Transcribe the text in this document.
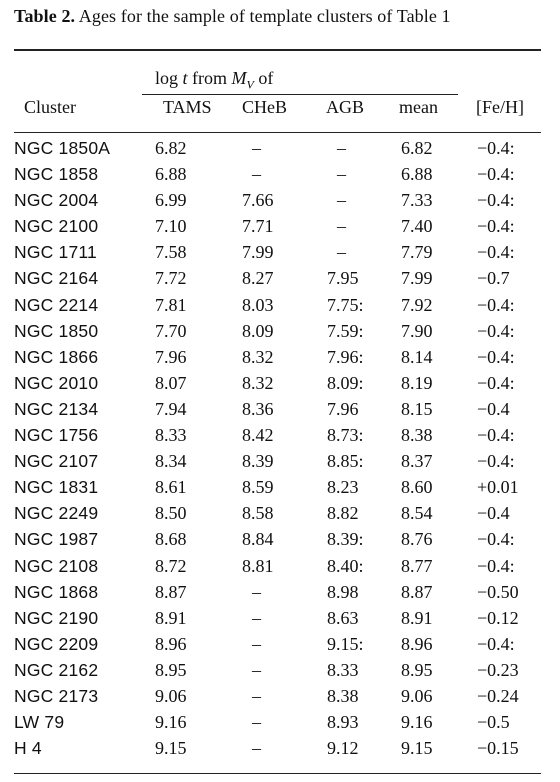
Table 2. Ages for the sample of template clusters of Table 1
log t from $M_V$ of
Cluster	TAMS CHeB AGB mean [Fe/H]
NGC 1850A 6.82	–	–	6.82 −0.4:
NGC 1858	6.88	–	–	6.88 −0.4:
NGC 2004	6.99	7.66	–	7.33 −0.4:
NGC 2100	7.10	7.71	–	7.40 −0.4:
NGC 1711	7.58	7.99	–	7.79 −0.4:
NGC 2164	7.72	8.27	7.95 7.99 −0.7
NGC 2214	7.81	8.03	7.75: 7.92 −0.4:
NGC 1850	7.70	8.09	7.59: 7.90 −0.4:
NGC 1866	7.96	8.32	7.96: 8.14 −0.4:
NGC 2010	8.07	8.32	8.09: 8.19 −0.4:
NGC 2134	7.94	8.36	7.96 8.15 −0.4
NGC 1756	8.33	8.42	8.73: 8.38 −0.4:
NGC 2107	8.34	8.39	8.85: 8.37 −0.4:
NGC 1831	8.61	8.59	8.23 8.60 +0.01
NGC 2249	8.50	8.58	8.82 8.54 −0.4
NGC 1987	8.68	8.84	8.39: 8.76 −0.4:
NGC 2108	8.72	8.81	8.40: 8.77 −0.4:
NGC 1868	8.87	–	8.98 8.87 −0.50
NGC 2190	8.91	–	8.63 8.91 −0.12
NGC 2209	8.96	–	9.15: 8.96 −0.4:
NGC 2162	8.95	–	8.33 8.95 −0.23
NGC 2173	9.06	–	8.38 9.06 −0.24
LW 79	9.16	–	8.93 9.16 −0.5
H 4	9.15	–	9.12 9.15 −0.15
